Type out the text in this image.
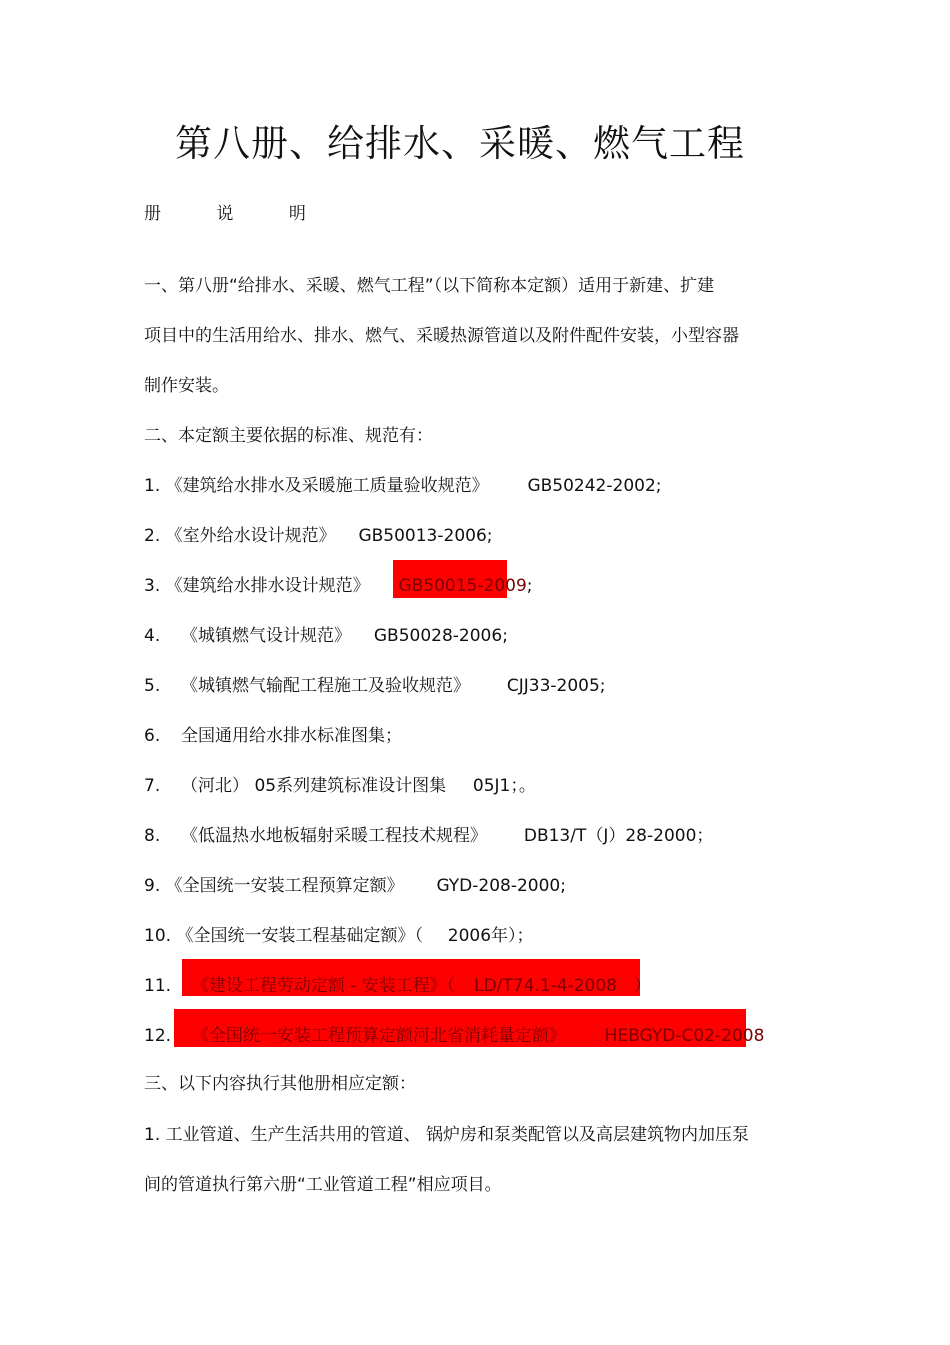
第八册、给排水、采暖、燃气工程
册	说	明
一、第八册“给排水、采暖、燃气工程”（以下简称本定额）适用于新建、扩建
项目中的生活用给水、排水、燃气、采暖热源管道以及附件配件安装，小型容器
制作安装。
二、本定额主要依据的标准、规范有：
1. 《建筑给水排水及采暖施工质量验收规范》 GB50242-2002;
2. 《室外给水设计规范》 GB50013-2006;
3. 《建筑给水排水设计规范》 GB50015-2009;
4. 《城镇燃气设计规范》 GB50028-2006;
5. 《城镇燃气输配工程施工及验收规范》 CJJ33-2005;
6. 全国通用给水排水标准图集；
7. （河北） 05系列建筑标准设计图集 05J1；。
8. 《低温热水地板辐射采暖工程技术规程》 DB13/T（J）28-2000；
9. 《全国统一安装工程预算定额》 GYD-208-2000;
10. 《全国统一安装工程基础定额》（ 2006年）；
11. 《建设工程劳动定额 - 安装工程》（ LD/T74.1-4-2008 ）
12. 《全国统一安装工程预算定额河北省消耗量定额》 HEBGYD-C02-2008
三、以下内容执行其他册相应定额：
1. 工业管道、生产生活共用的管道、 锅炉房和泵类配管以及高层建筑物内加压泵
间的管道执行第六册“工业管道工程”相应项目。
